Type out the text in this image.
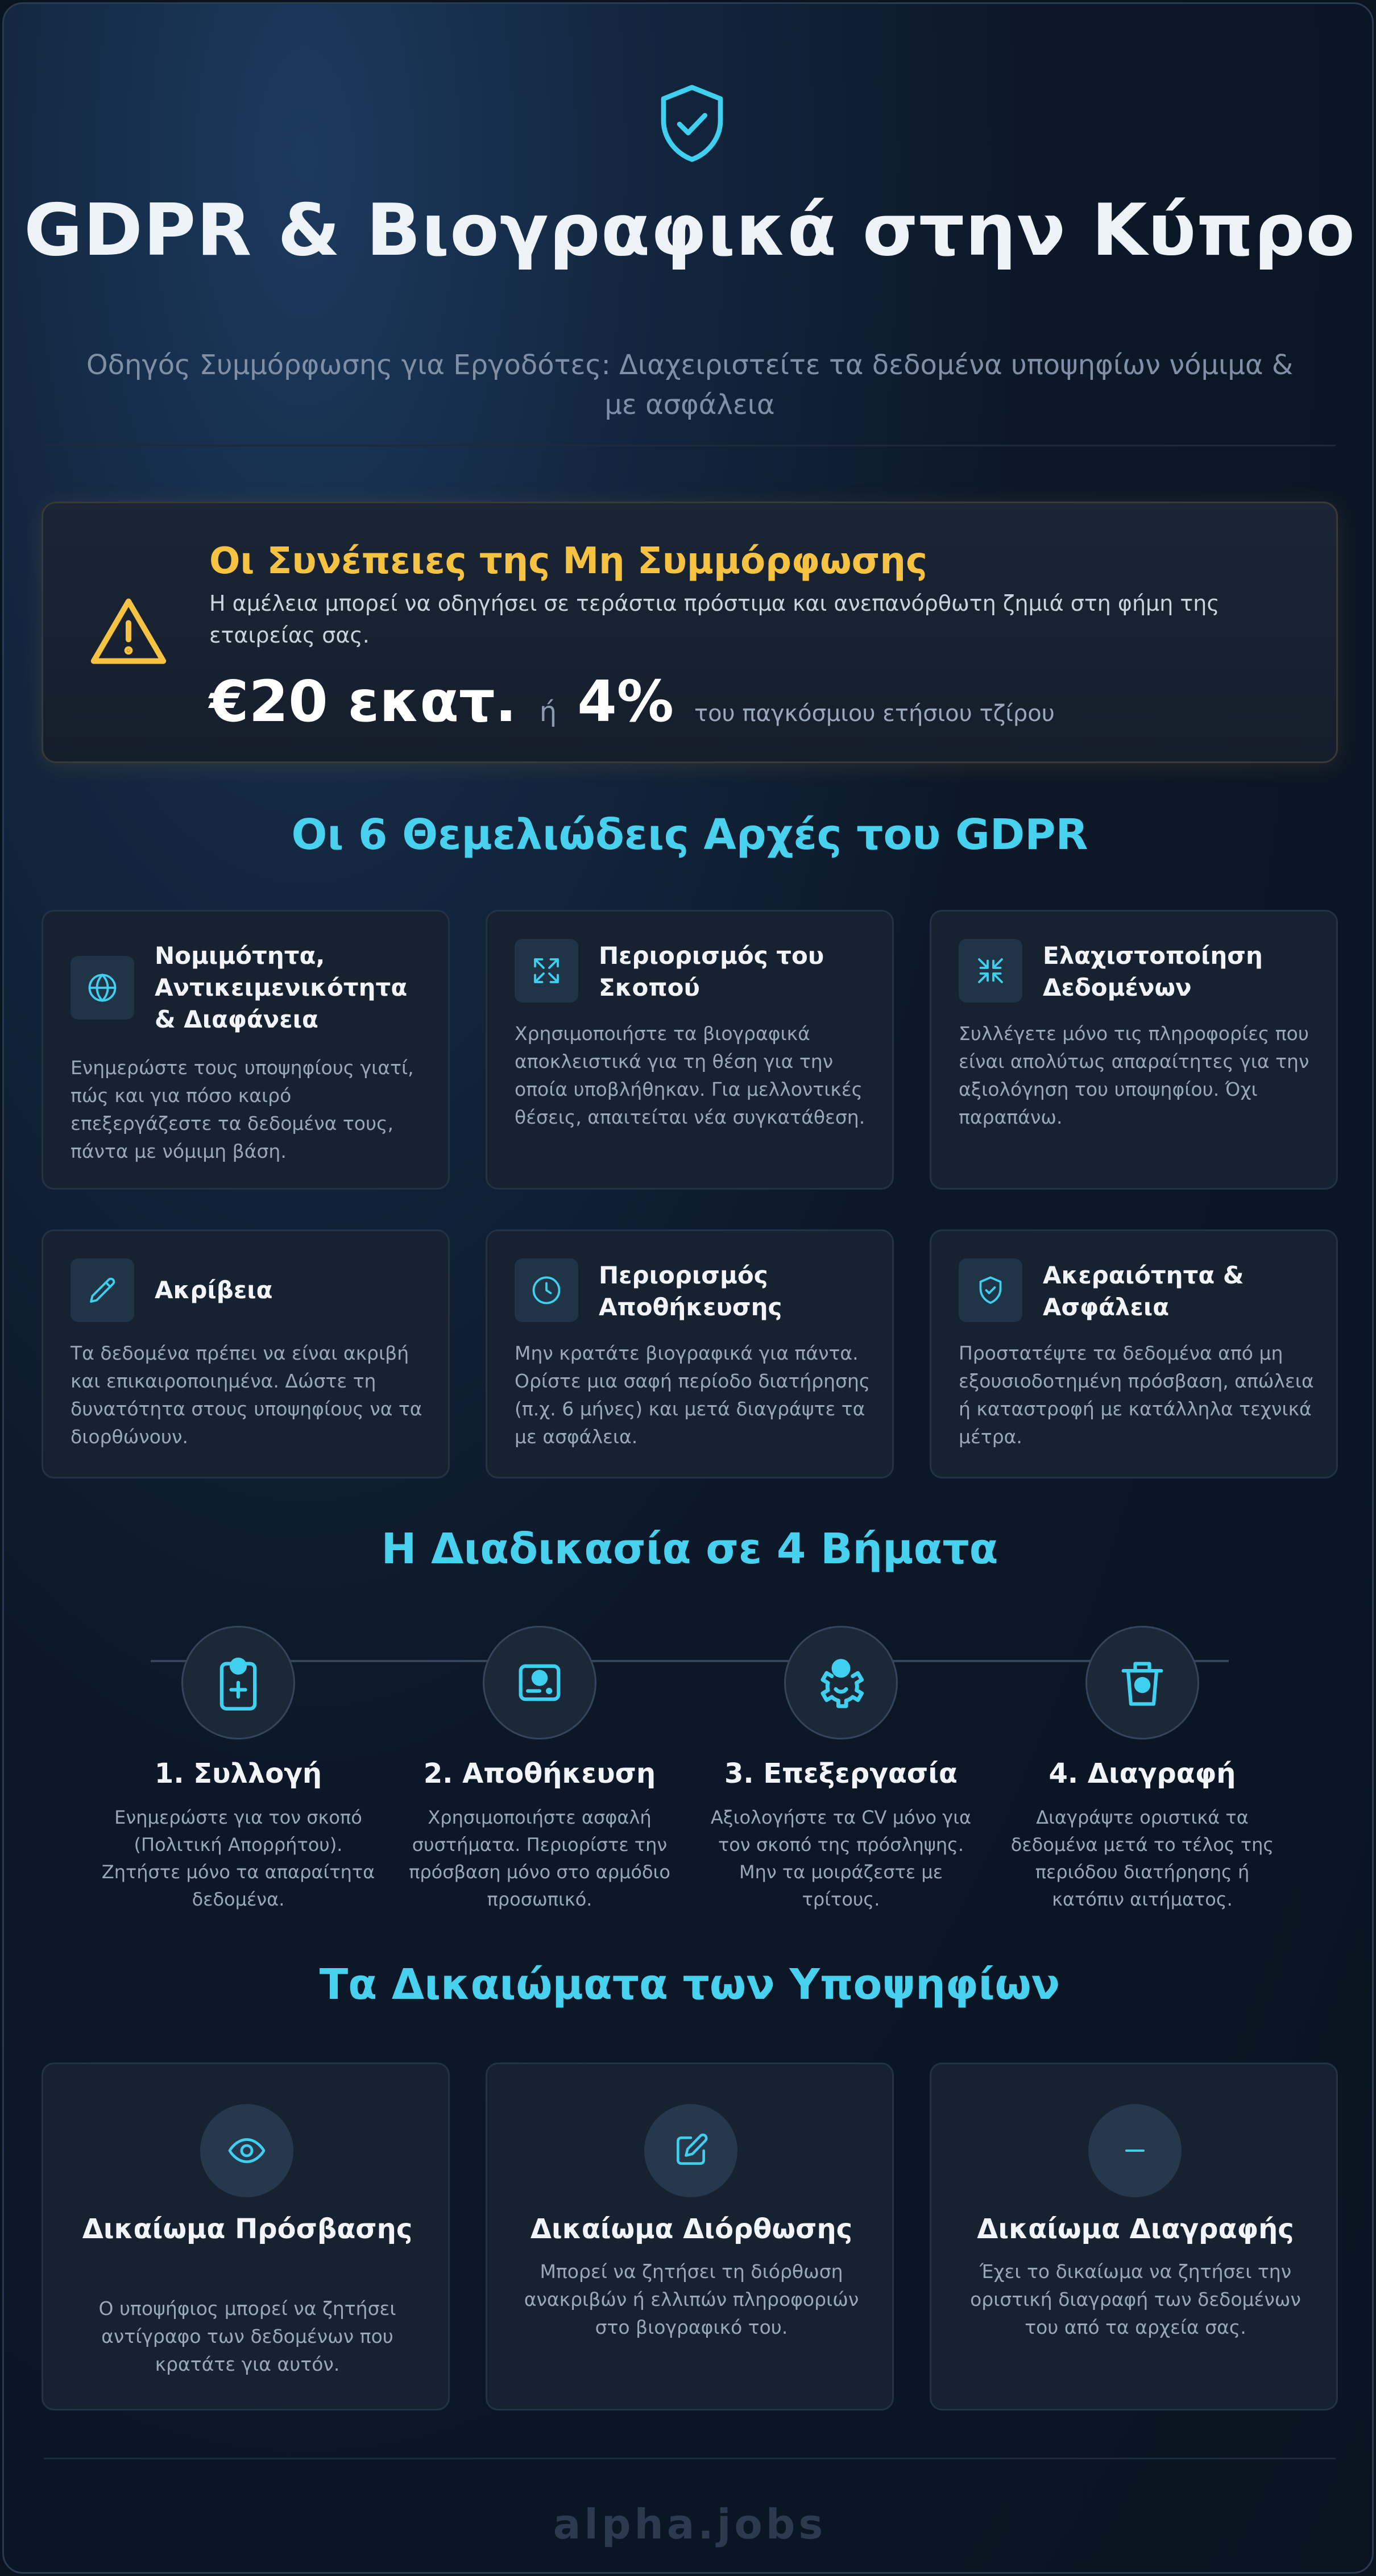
GDPR & Βιογραφικά στην Κύπρο
Οδηγός Συμμόρφωσης για Εργοδότες: Διαχειριστείτε τα δεδομένα υποψηφίων νόμιμα & με ασφάλεια
Οι Συνέπειες της Μη Συμμόρφωσης
Η αμέλεια μπορεί να οδηγήσει σε τεράστια πρόστιμα και ανεπανόρθωτη ζημιά στη φήμη της εταιρείας σας.
€20 εκατ. ή 4% του παγκόσμιου ετήσιου τζίρου
Οι 6 Θεμελιώδεις Αρχές του GDPR
Νομιμότητα, Αντικειμενικότητα & Διαφάνεια
Ενημερώστε τους υποψηφίους γιατί, πώς και για πόσο καιρό επεξεργάζεστε τα δεδομένα τους, πάντα με νόμιμη βάση.
Περιορισμός του Σκοπού
Χρησιμοποιήστε τα βιογραφικά αποκλειστικά για τη θέση για την οποία υποβλήθηκαν. Για μελλοντικές θέσεις, απαιτείται νέα συγκατάθεση.
Ελαχιστοποίηση Δεδομένων
Συλλέγετε μόνο τις πληροφορίες που είναι απολύτως απαραίτητες για την αξιολόγηση του υποψηφίου. Όχι παραπάνω.
Ακρίβεια
Τα δεδομένα πρέπει να είναι ακριβή και επικαιροποιημένα. Δώστε τη δυνατότητα στους υποψηφίους να τα διορθώνουν.
Περιορισμός Αποθήκευσης
Μην κρατάτε βιογραφικά για πάντα. Ορίστε μια σαφή περίοδο διατήρησης (π.χ. 6 μήνες) και μετά διαγράψτε τα με ασφάλεια.
Ακεραιότητα & Ασφάλεια
Προστατέψτε τα δεδομένα από μη εξουσιοδοτημένη πρόσβαση, απώλεια ή καταστροφή με κατάλληλα τεχνικά μέτρα.
Η Διαδικασία σε 4 Βήματα
1. Συλλογή
Ενημερώστε για τον σκοπό (Πολιτική Απορρήτου). Ζητήστε μόνο τα απαραίτητα δεδομένα.
2. Αποθήκευση
Χρησιμοποιήστε ασφαλή συστήματα. Περιορίστε την πρόσβαση μόνο στο αρμόδιο προσωπικό.
3. Επεξεργασία
Αξιολογήστε τα CV μόνο για τον σκοπό της πρόσληψης. Μην τα μοιράζεστε με τρίτους.
4. Διαγραφή
Διαγράψτε οριστικά τα δεδομένα μετά το τέλος της περιόδου διατήρησης ή κατόπιν αιτήματος.
Τα Δικαιώματα των Υποψηφίων
Δικαίωμα Πρόσβασης
Ο υποψήφιος μπορεί να ζητήσει αντίγραφο των δεδομένων που κρατάτε για αυτόν.
Δικαίωμα Διόρθωσης
Μπορεί να ζητήσει τη διόρθωση ανακριβών ή ελλιπών πληροφοριών στο βιογραφικό του.
Δικαίωμα Διαγραφής
Έχει το δικαίωμα να ζητήσει την οριστική διαγραφή των δεδομένων του από τα αρχεία σας.
alpha.jobs
